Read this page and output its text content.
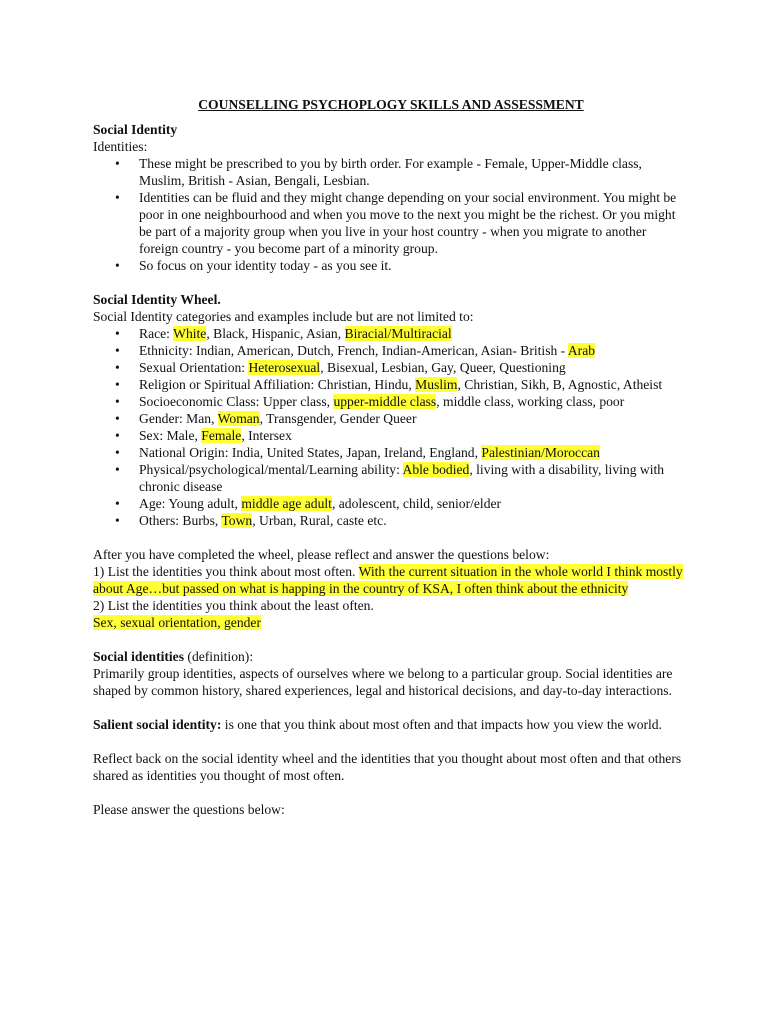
COUNSELLING PSYCHOPLOGY SKILLS AND ASSESSMENT
Social Identity
Identities:
• These might be prescribed to you by birth order. For example - Female, Upper-Middle class, Muslim, British - Asian, Bengali, Lesbian.
• Identities can be fluid and they might change depending on your social environment. You might be poor in one neighbourhood and when you move to the next you might be the richest. Or you might be part of a majority group when you live in your host country - when you migrate to another foreign country - you become part of a minority group.
• So focus on your identity today - as you see it.
Social Identity Wheel.
Social Identity categories and examples include but are not limited to:
• Race: White, Black, Hispanic, Asian, Biracial/Multiracial
• Ethnicity: Indian, American, Dutch, French, Indian-American, Asian- British - Arab
• Sexual Orientation: Heterosexual, Bisexual, Lesbian, Gay, Queer, Questioning
• Religion or Spiritual Affiliation: Christian, Hindu, Muslim, Christian, Sikh, B, Agnostic, Atheist
• Socioeconomic Class: Upper class, upper-middle class, middle class, working class, poor
• Gender: Man, Woman, Transgender, Gender Queer
• Sex: Male, Female, Intersex
• National Origin: India, United States, Japan, Ireland, England, Palestinian/Moroccan
• Physical/psychological/mental/Learning ability: Able bodied, living with a disability, living with chronic disease
• Age: Young adult, middle age adult, adolescent, child, senior/elder
• Others: Burbs, Town, Urban, Rural, caste etc.
After you have completed the wheel, please reflect and answer the questions below:
1) List the identities you think about most often. With the current situation in the whole world I think mostly about Age…but passed on what is happing in the country of KSA, I often think about the ethnicity
2) List the identities you think about the least often.
Sex, sexual orientation, gender
Social identities (definition):

Primarily group identities, aspects of ourselves where we belong to a particular group. Social identities are shaped by common history, shared experiences, legal and historical decisions, and day-to-day interactions.

Salient social identity: is one that you think about most often and that impacts how you view the world.

Reflect back on the social identity wheel and the identities that you thought about most often and that others shared as identities you thought of most often.

Please answer the questions below:
